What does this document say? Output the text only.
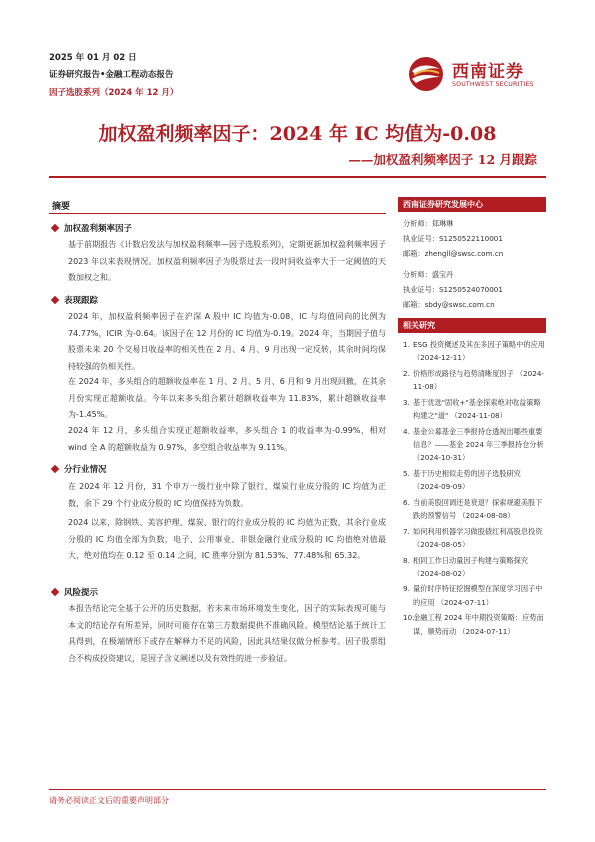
2025 年 01 月 02 日
证券研究报告•金融工程动态报告
因子选股系列（2024 年 12 月）
西南证券
SOUTHWEST SECURITIES
加权盈利频率因子：2024 年 IC 均值为-0.08
——加权盈利频率因子 12 月跟踪
摘要
加权盈利频率因子

基于前期报告《计数启发法与加权盈利频率—因子选股系列》，定期更新加权盈利频率因子 2023 年以来表现情况。加权盈利频率因子为股票过去一段时间收益率大于一定阈值的天数加权之和。

表现跟踪

2024 年，加权盈利频率因子在沪深 A 股中 IC 均值为-0.08，IC 与均值同向的比例为 74.77%，ICIR 为-0.64。该因子在 12 月份的 IC 均值为-0.19。2024 年，当期因子值与股票未来 20 个交易日收益率的相关性在 2 月、4 月、9 月出现一定反转，其余时间均保持较强的负相关性。

在 2024 年，多头组合的超额收益率在 1 月、2 月、5 月、6 月和 9 月出现回撤，在其余月份实现正超额收益。今年以来多头组合累计超额收益率为 11.83%，累计超额收益率为-1.45%。

2024 年 12 月，多头组合实现正超额收益率，多头组合 1 的收益率为-0.99%，相对 wind 全 A 的超额收益为 0.97%，多空组合收益率为 9.11%。

分行业情况

在 2024 年 12 月份，31 个申万一级行业中除了银行、煤炭行业成分股的 IC 均值为正数，余下 29 个行业成分股的 IC 均值保持为负数。

2024 以来，除钢铁、美容护理、煤炭、银行的行业成分股的 IC 均值为正数，其余行业成分股的 IC 均值全部为负数，电子、公用事业、非银金融行业成分股的 IC 均值绝对值最大，绝对值均在 0.12 至 0.14 之间，IC 胜率分别为 81.53%、77.48%和 65.32。

风险提示

本报告结论完全基于公开的历史数据，若未来市场环境发生变化，因子的实际表现可能与本文的结论存有所差异，同时可能存在第三方数据提供不准确风险。模型结论基于统计工具得到，在极端情形下或存在解释力不足的风险，因此具结果仅做分析参考。因子股票组合不构成投资建议，是因子含义阐述以及有效性的进一步验证。

西南证券研究发展中心
分析师：郑琳琳
执业证号：S1250522110001
邮箱：zhengll@swsc.com.cn
分析师：盛宝丹
执业证号：S1250524070001
邮箱：sbdy@swsc.com.cn
相关研究
1. ESG 投资概述及其在多因子策略中的应用 （2024-12-11）
2. 价格形成路径与趋势清晰度因子 （2024-11-08）
3. 基于优选"固收+"基金探索绝对收益策略构建之"道" （2024-11-08）
4. 基金公募基金三季报持仓透视出哪些重要信息？——基金 2024 年三季报持仓分析 （2024-10-31）
5. 基于历史相似走势的因子选股研究 （2024-09-09）
6. 当前美股回调还是衰退？探索规避美股下跌的预警信号 （2024-08-08）
7. 如何利用机器学习做股债红利高股息投资 （2024-08-05）
8. 相同工作日动量因子构建与策略探究 （2024-08-02）
9. 量价时序特征挖掘模型在深度学习因子中的应用 （2024-07-11）
10.
金融工程 2024 年中期投资策略：应势而谋，顺势而动 （2024-07-11）
请务必阅读正文后的重要声明部分
